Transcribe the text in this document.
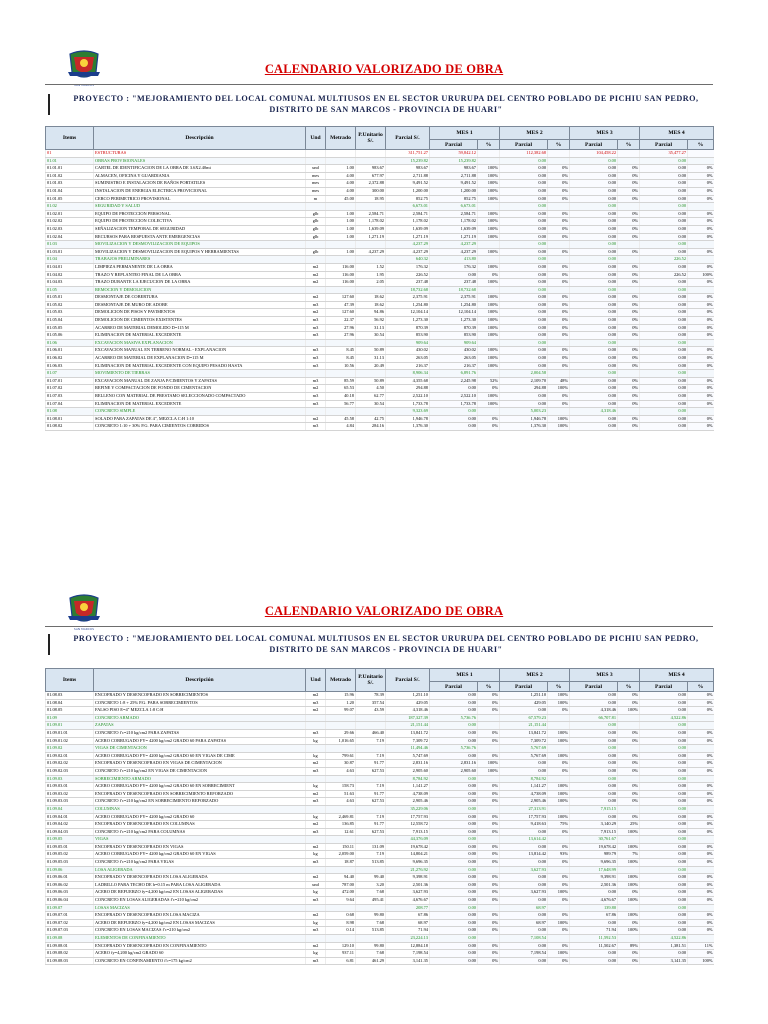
SAN MARCOS
CALENDARIO VALORIZADO DE OBRA
PROYECTO : "MEJORAMIENTO DEL LOCAL COMUNAL MULTIUSOS EN EL SECTOR URURUPA DEL CENTRO POBLADO DE PICHIU SAN PEDRO, DISTRITO DE SAN MARCOS - PROVINCIA DE HUARI"
Items	Descripción	Und	Metrado	P.Unitario S/.	Parcial S/.	MES 1		MES 2		MES 3		MES 4	
						Parcial	%	Parcial	%	Parcial	%	Parcial	%
01	ESTRUCTURAS				311,751.27	59,842.12		112,382.68		104,458.22		35,477.27	
01.01	OBRAS PROVISIONALES				15,239.82	15,239.82		0.00		0.00		0.00	
01.01.01	CARTEL DE IDENTIFICACION DE LA OBRA DE 3.6X2.40mt	und	1.00	983.67	983.67	983.67	100%	0.00	0%	0.00	0%	0.00	0%
01.01.02	ALMACEN, OFICINA Y GUARDIANIA	mes	4.00	677.97	2,711.88	2,711.88	100%	0.00	0%	0.00	0%	0.00	0%
01.01.03	SUMINISTRO E INSTALACION DE BAÑOS PORTATILES	mes	4.00	2,372.88	9,491.52	9,491.52	100%	0.00	0%	0.00	0%	0.00	0%
01.01.04	INSTALACION DE ENERGIA ELECTRICA PROVICIONAL	mes	4.00	300.00	1,200.00	1,200.00	100%	0.00	0%	0.00	0%	0.00	0%
01.01.05	CERCO PERIMETRICO PROVISIONAL	m	45.00	18.95	852.75	852.75	100%	0.00	0%	0.00	0%	0.00	0%
01.02	SEGURIDAD Y SALUD				6,673.01	6,673.01		0.00		0.00		0.00	
01.02.01	EQUIPO DE PROTECCION PERSONAL	glb	1.00	2,584.71	2,584.71	2,584.71	100%	0.00	0%	0.00	0%	0.00	0%
01.02.02	EQUIPO DE PROTECCION COLECTIVA	glb	1.00	1,178.02	1,178.02	1,178.02	100%	0.00	0%	0.00	0%	0.00	0%
01.02.03	SEÑALIZACION TEMPORAL DE SEGURIDAD	glb	1.00	1,639.09	1,639.09	1,639.09	100%	0.00	0%	0.00	0%	0.00	0%
01.02.04	RECURSOS PARA RESPUESTA ANTE EMERGENCIAS	glb	1.00	1,271.19	1,271.19	1,271.19	100%	0.00	0%	0.00	0%	0.00	0%
01.03	MOVILIZACION Y DESMOVILIZACION DE EQUIPOS				4,237.29	4,237.29		0.00		0.00		0.00	
01.03.01	MOVILIZACION Y DESMOVILIZACION DE EQUIPOS Y HERRAMIENTAS	glb	1.00	4,237.29	4,237.29	4,237.29	100%	0.00	0%	0.00	0%	0.00	0%
01.04	TRABAJOS PRELIMINARES				640.32	413.80		0.00		0.00		226.52	
01.04.01	LIMPIEZA PERMANENTE DE LA OBRA	m2	116.00	1.52	176.32	176.32	100%	0.00	0%	0.00	0%	0.00	0%
01.04.02	TRAZO Y REPLANTEO FINAL DE LA OBRA	m2	116.00	1.95	226.52	0.00	0%	0.00	0%	0.00	0%	226.52	100%
01.04.03	TRAZO DURANTE LA EJECUCION DE LA OBRA	m2	116.00	2.05	237.48	237.48	100%	0.00	0%	0.00	0%	0.00	0%
01.05	REMOCION Y DEMOLICION				18,732.68	18,732.68		0.00		0.00		0.00	
01.05.01	DESMONTAJE DE COBERTURA	m2	127.60	18.62	2,375.91	2,375.91	100%	0.00	0%	0.00	0%	0.00	0%
01.05.02	DESMONTAJE DE MURO DE ADOBE	m3	47.39	18.62	1,254.80	1,254.80	100%	0.00	0%	0.00	0%	0.00	0%
01.05.03	DEMOLICION DE PISOS Y PAVIMENTOS	m2	127.60	94.86	12,104.14	12,104.14	100%	0.00	0%	0.00	0%	0.00	0%
01.05.04	DEMOLICION DE CIMIENTOS EXISTENTES	m3	22.37	56.92	1,273.30	1,273.30	100%	0.00	0%	0.00	0%	0.00	0%
01.05.05	ACARREO DE MATERIAL DEMOLIDO D=115 M	m3	27.96	31.13	870.39	870.39	100%	0.00	0%	0.00	0%	0.00	0%
01.05.06	ELIMINACION DE MATERIAL EXCEDENTE	m3	27.96	30.54	853.90	853.90	100%	0.00	0%	0.00	0%	0.00	0%
01.06	EXCAVACION MASIVA EXPLANACION				909.64	909.64		0.00		0.00		0.00	
01.06.01	EXCAVACION MANUAL EN TERRENO NORMAL - EXPLANACION	m3	8.45	50.89	430.02	430.02	100%	0.00	0%	0.00	0%	0.00	0%
01.06.02	ACARREO DE MATERIAL DE EXPLANACION D=115 M	m3	8.45	31.13	263.05	263.05	100%	0.00	0%	0.00	0%	0.00	0%
01.06.03	ELIMINACION DE MATERIAL EXCEDENTE CON EQUIPO PESADO HASTA	m3	10.56	20.49	216.37	216.37	100%	0.00	0%	0.00	0%	0.00	0%
01.07	MOVIMIENTO DE TIERRAS				8,906.34	6,891.76		2,004.58		0.00		0.00	
01.07.01	EXCAVACION MANUAL DE ZANJA P/CIMIENTOS Y ZAPATAS	m3	85.59	50.89	4,355.68	2,245.98	52%	2,109.70	48%	0.00	0%	0.00	0%
01.07.02	REFINE Y COMPACTACION DE FONDO DE CIMENTACION	m2	65.53	4.50	294.88	0.00	0%	294.88	100%	0.00	0%	0.00	0%
01.07.03	RELLENO CON MATERIAL DE PRESTAMO SELECCIONADO COMPACTADO	m3	40.18	62.77	2,522.10	2,522.10	100%	0.00	0%	0.00	0%	0.00	0%
01.07.04	ELIMINACION DE MATERIAL EXCEDENTE	m3	56.77	30.54	1,733.78	1,733.78	100%	0.00	0%	0.00	0%	0.00	0%
01.08	CONCRETO SIMPLE				9,323.69	0.00		5,003.23		4,318.46		0.00	
01.08.01	SOLADO PARA ZAPATAS DE 4", MEZCLA C:H 1:10	m2	45.58	42.75	1,946.78	0.00	0%	1,946.78	100%	0.00	0%	0.00	0%
01.08.02	CONCRETO 1:10 + 30% P.G. PARA CIMIENTOS CORRIDOS	m3	4.84	284.16	1,376.30	0.00	0%	1,376.30	100%	0.00	0%	0.00	0%
SAN MARCOS
CALENDARIO VALORIZADO DE OBRA
PROYECTO : "MEJORAMIENTO DEL LOCAL COMUNAL MULTIUSOS EN EL SECTOR URURUPA DEL CENTRO POBLADO DE PICHIU SAN PEDRO, DISTRITO DE SAN MARCOS - PROVINCIA DE HUARI"
Items	Descripción	Und	Metrado	P.Unitario S/.	Parcial S/.	MES 1		MES 2		MES 3		MES 4	
						Parcial	%	Parcial	%	Parcial	%	Parcial	%
01.08.03	ENCOFRADO Y DESENCOFRADO EN SOBRECIMIENTOS	m2	15.96	78.39	1,251.10	0.00	0%	1,251.10	100%	0.00	0%	0.00	0%
01.08.04	CONCRETO 1:8 + 25% P.G. PARA SOBRECIMIENTOS	m3	1.20	357.54	429.05	0.00	0%	429.05	100%	0.00	0%	0.00	0%
01.08.05	FALSO PISO E=4" MEZCLA 1:8 C:H	m2	99.07	43.59	4,318.46	0.00	0%	0.00	0%	4,318.46	100%	0.00	0%
01.09	CONCRETO ARMADO				187,327.39	5,736.76		67,579.23		66,707.81		4,522.86	
01.09.01	ZAPATAS				21,151.44	0.00		21,151.44		0.00		0.00	
01.09.01.01	CONCRETO f'c=210 kg/cm2 PARA ZAPATAS	m3	29.66	466.40	13,841.72	0.00	0%	13,841.72	100%	0.00	0%	0.00	0%
01.09.01.02	ACERO CORRUGADO FY= 4200 kg/cm2 GRADO 60 PARA ZAPATAS	kg	1,016.65	7.19	7,309.72	0.00	0%	7,309.72	100%	0.00	0%	0.00	0%
01.09.02	VIGAS DE CIMENTACION				11,494.46	5,736.76		5,767.69		0.00		0.00	
01.09.02.01	ACERO CORRUGADO FY= 4200 kg/cm2 GRADO 60 EN VIGAS DE CIME	kg	799.61	7.19	5,747.69	0.00	0%	5,767.69	100%	0.00	0%	0.00	0%
01.09.02.02	ENCOFRADO Y DESENCOFRADO EN VIGAS DE CIMENTACION	m2	30.87	91.77	2,831.16	2,831.16	100%	0.00	0%	0.00	0%	0.00	0%
01.09.02.03	CONCRETO f'c=210 kg/cm2 EN VIGAS DE CIMENTACION	m3	4.63	627.53	2,905.60	2,905.60	100%	0.00	0%	0.00	0%	0.00	0%
01.09.03	SOBRECIMIENTO ARMADO				8,784.92	0.00		8,784.92		0.00		0.00	
01.09.03.01	ACERO CORRUGADO FY= 4200 kg/cm2 GRADO 60 EN SOBRECIMIENT	kg	158.73	7.19	1,141.27	0.00	0%	1,141.27	100%	0.00	0%	0.00	0%
01.09.03.02	ENCOFRADO Y DESENCOFRADO EN SOBRECIMIENTO REFORZADO	m2	51.63	91.77	4,738.09	0.00	0%	4,738.09	100%	0.00	0%	0.00	0%
01.09.03.03	CONCRETO f'c=210 kg/cm2 EN SOBRECIMIENTO REFORZADO	m3	4.63	627.53	2,905.46	0.00	0%	2,905.46	100%	0.00	0%	0.00	0%
01.09.04	COLUMNAS				35,229.06	0.00		27,313.91		7,915.15		0.00	
01.09.04.01	ACERO CORRUGADO FY= 4200 kg/cm2 GRADO 60	kg	2,469.81	7.19	17,757.93	0.00	0%	17,757.93	100%	0.00	0%	0.00	0%
01.09.04.02	ENCOFRADO Y DESENCOFRADO EN COLUMNAS	m2	136.85	91.77	12,558.72	0.00	0%	9,418.63	75%	3,140.29	25%	0.00	0%
01.09.04.03	CONCRETO f'c=210 kg/cm2 PARA COLUMNAS	m3	12.61	627.53	7,913.15	0.00	0%	0.00	0%	7,913.15	100%	0.00	0%
01.09.05	VIGAS				44,376.09	0.00		13,614.42		30,761.67		0.00	
01.09.05.01	ENCOFRADO Y DESENCOFRADO EN VIGAS	m2	150.11	131.09	19,678.42	0.00	0%	0.00	0%	19,678.42	100%	0.00	0%
01.09.05.02	ACERO CORRUGADO FY= 4200 kg/cm2 GRADO 60 EN VIGAS	kg	2,059.00	7.19	14,804.21	0.00	0%	13,814.42	93%	989.79	7%	0.00	0%
01.09.05.03	CONCRETO f'c=210 kg/cm2 PARA VIGAS	m3	18.87	513.85	9,696.35	0.00	0%	0.00	0%	9,696.35	100%	0.00	0%
01.09.06	LOSA ALIGERADA				21,276.92	0.00		3,627.93		17,648.99		0.00	
01.09.06.01	ENCOFRADO Y DESENCOFRADO EN LOSA ALIGERADA	m2	94.40	99.40	9,398.91	0.00	0%	0.00	0%	9,398.91	100%	0.00	0%
01.09.06.02	LADRILLO PARA TECHO DE h=0.15 m PARA LOSA ALIGERADA	und	787.00	3.20	2,501.36	0.00	0%	0.00	0%	2,501.36	100%	0.00	0%
01.09.06.03	ACERO DE REFUERZO fy=4,200 kg/cm2 EN LOSAS ALIGERADAS	kg	472.00	7.68	3,627.93	0.00	0%	3,627.93	100%	0.00	0%	0.00	0%
01.09.06.04	CONCRETO EN LOSAS ALIGERADAS f'c=210 kg/cm2	m3	9.64	495.41	4,676.67	0.00	0%	0.00	0%	4,676.67	100%	0.00	0%
01.09.07	LOSAS MACIZAS				208.77	0.00		68.97		139.80		0.00	
01.09.07.01	ENCOFRADO Y DESENCOFRADO EN LOSA MACIZA	m2	0.68	99.80	67.86	0.00	0%	0.00	0%	67.86	100%	0.00	0%
01.09.07.02	ACERO DE REFUERZO fy=4,200 kg/cm2 EN LOSAS MACIZAS	kg	8.98	7.68	68.97	0.00	0%	68.97	100%	0.00	0%	0.00	0%
01.09.07.03	CONCRETO EN LOSAS MACIZAS f'c=210 kg/cm2	m3	0.14	513.85	71.94	0.00	0%	0.00	0%	71.94	100%	0.00	0%
01.09.08	ELEMENTOS DE CONFINAMIENTO				23,224.13	0.00		7,108.54		11,592.53		4,522.86	
01.09.08.01	ENCOFRADO Y DESENCOFRADO EN CONFINAMIENTO	m2	129.10	99.80	12,884.18	0.00	0%	0.00	0%	11,502.67	89%	1,381.51	11%
01.09.08.02	ACERO fy=4,200 kg/cm2 GRADO 60	kg	937.11	7.68	7,198.54	0.00	0%	7,198.54	100%	0.00	0%	0.00	0%
01.09.08.03	CONCRETO EN CONFINAMIENTO f'c=175 kg/cm2	m3	6.81	461.29	3,141.35	0.00	0%	0.00	0%	0.00	0%	3,141.35	100%
